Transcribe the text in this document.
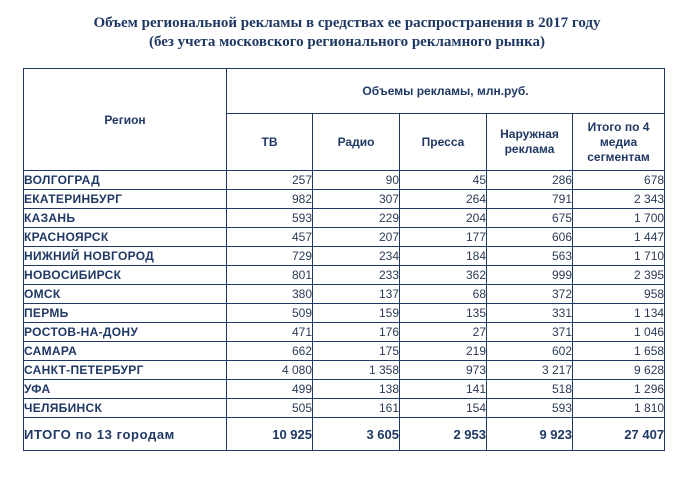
Объем региональной рекламы в средствах ее распространения в 2017 году
(без учета московского регионального рекламного рынка)
Регион	Объемы рекламы, млн.руб.				
	ТВ	Радио	Пресса	Наружная реклама	Итого по 4 медиа сегментам
ВОЛГОГРАД	257	90	45	286	678
ЕКАТЕРИНБУРГ	982	307	264	791	2 343
КАЗАНЬ	593	229	204	675	1 700
КРАСНОЯРСК	457	207	177	606	1 447
НИЖНИЙ НОВГОРОД	729	234	184	563	1 710
НОВОСИБИРСК	801	233	362	999	2 395
ОМСК	380	137	68	372	958
ПЕРМЬ	509	159	135	331	1 134
РОСТОВ-НА-ДОНУ	471	176	27	371	1 046
САМАРА	662	175	219	602	1 658
САНКТ-ПЕТЕРБУРГ	4 080	1 358	973	3 217	9 628
УФА	499	138	141	518	1 296
ЧЕЛЯБИНСК	505	161	154	593	1 810
ИТОГО по 13 городам	10 925	3 605	2 953	9 923	27 407
